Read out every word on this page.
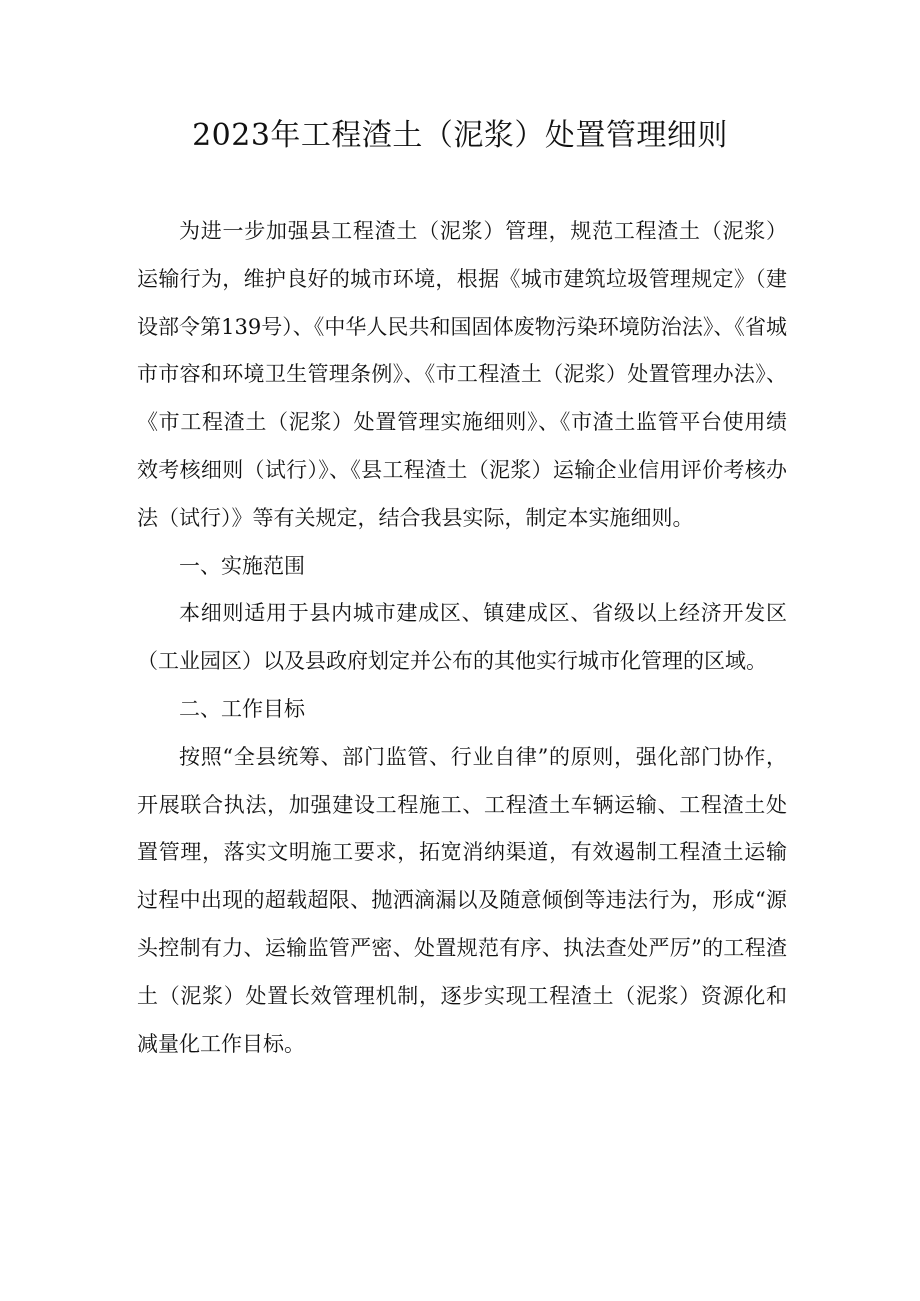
2023年工程渣土（泥浆）处置管理细则

为进一步加强县工程渣土（泥浆）管理，规范工程渣土（泥浆）运输行为，维护良好的城市环境，根据《城市建筑垃圾管理规定》（建设部令第139号）、《中华人民共和国固体废物污染环境防治法》、《省城市市容和环境卫生管理条例》、《市工程渣土（泥浆）处置管理办法》、《市工程渣土（泥浆）处置管理实施细则》、《市渣土监管平台使用绩效考核细则（试行）》、《县工程渣土（泥浆）运输企业信用评价考核办法（试行）》等有关规定，结合我县实际，制定本实施细则。

一、实施范围

本细则适用于县内城市建成区、镇建成区、省级以上经济开发区（工业园区）以及县政府划定并公布的其他实行城市化管理的区域。

二、工作目标

按照“全县统筹、部门监管、行业自律”的原则，强化部门协作，开展联合执法，加强建设工程施工、工程渣土车辆运输、工程渣土处置管理，落实文明施工要求，拓宽消纳渠道，有效遏制工程渣土运输过程中出现的超载超限、抛洒滴漏以及随意倾倒等违法行为，形成“源头控制有力、运输监管严密、处置规范有序、执法查处严厉”的工程渣土（泥浆）处置长效管理机制，逐步实现工程渣土（泥浆）资源化和减量化工作目标。
